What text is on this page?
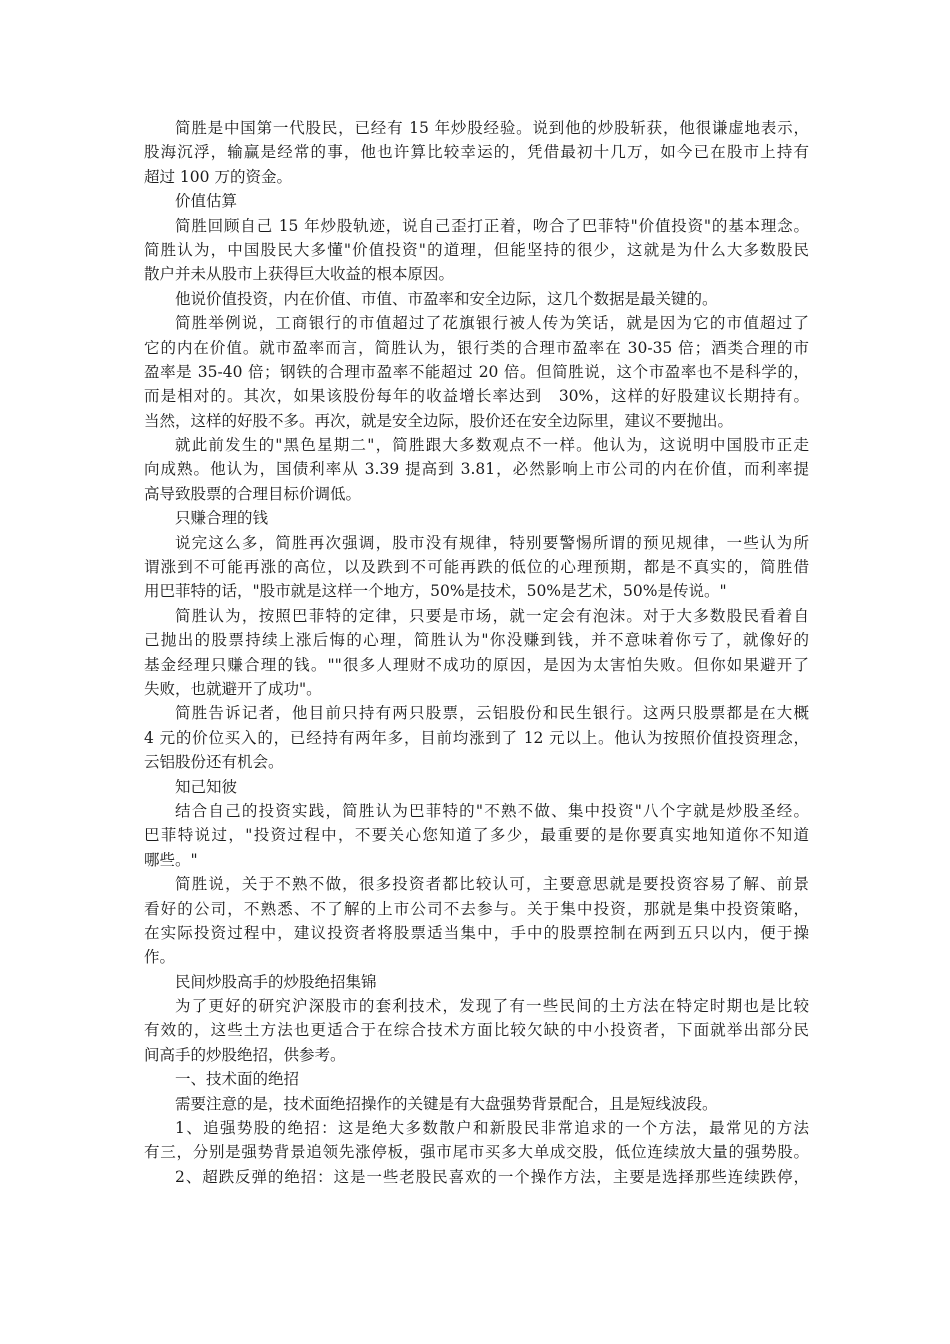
简胜是中国第一代股民，已经有 15 年炒股经验。说到他的炒股斩获，他很谦虚地表示，
股海沉浮，输赢是经常的事，他也许算比较幸运的，凭借最初十几万，如今已在股市上持有
超过 100 万的资金。
价值估算
简胜回顾自己 15 年炒股轨迹，说自己歪打正着，吻合了巴菲特"价值投资"的基本理念。
简胜认为，中国股民大多懂"价值投资"的道理，但能坚持的很少，这就是为什么大多数股民
散户并未从股市上获得巨大收益的根本原因。
他说价值投资，内在价值、市值、市盈率和安全边际，这几个数据是最关键的。
简胜举例说，工商银行的市值超过了花旗银行被人传为笑话，就是因为它的市值超过了
它的内在价值。就市盈率而言，简胜认为，银行类的合理市盈率在 30-35 倍；酒类合理的市
盈率是 35-40 倍；钢铁的合理市盈率不能超过 20 倍。但简胜说，这个市盈率也不是科学的，
而是相对的。其次，如果该股份每年的收益增长率达到　30%，这样的好股建议长期持有。
当然，这样的好股不多。再次，就是安全边际，股价还在安全边际里，建议不要抛出。
就此前发生的"黑色星期二"，简胜跟大多数观点不一样。他认为，这说明中国股市正走
向成熟。他认为，国债利率从 3.39 提高到 3.81，必然影响上市公司的内在价值，而利率提
高导致股票的合理目标价调低。
只赚合理的钱
说完这么多，简胜再次强调，股市没有规律，特别要警惕所谓的预见规律，一些认为所
谓涨到不可能再涨的高位，以及跌到不可能再跌的低位的心理预期，都是不真实的，简胜借
用巴菲特的话，"股市就是这样一个地方，50%是技术，50%是艺术，50%是传说。"
简胜认为，按照巴菲特的定律，只要是市场，就一定会有泡沫。对于大多数股民看着自
己抛出的股票持续上涨后悔的心理，简胜认为"你没赚到钱，并不意味着你亏了，就像好的
基金经理只赚合理的钱。""很多人理财不成功的原因，是因为太害怕失败。但你如果避开了
失败，也就避开了成功"。
简胜告诉记者，他目前只持有两只股票，云铝股份和民生银行。这两只股票都是在大概
4 元的价位买入的，已经持有两年多，目前均涨到了 12 元以上。他认为按照价值投资理念，
云铝股份还有机会。
知己知彼
结合自己的投资实践，简胜认为巴菲特的"不熟不做、集中投资"八个字就是炒股圣经。
巴菲特说过，"投资过程中，不要关心您知道了多少，最重要的是你要真实地知道你不知道
哪些。"
简胜说，关于不熟不做，很多投资者都比较认可，主要意思就是要投资容易了解、前景
看好的公司，不熟悉、不了解的上市公司不去参与。关于集中投资，那就是集中投资策略，
在实际投资过程中，建议投资者将股票适当集中，手中的股票控制在两到五只以内，便于操
作。
民间炒股高手的炒股绝招集锦
为了更好的研究沪深股市的套利技术，发现了有一些民间的土方法在特定时期也是比较
有效的，这些土方法也更适合于在综合技术方面比较欠缺的中小投资者，下面就举出部分民
间高手的炒股绝招，供参考。
一、技术面的绝招
需要注意的是，技术面绝招操作的关键是有大盘强势背景配合，且是短线波段。
1、追强势股的绝招：这是绝大多数散户和新股民非常追求的一个方法，最常见的方法
有三，分别是强势背景追领先涨停板，强市尾市买多大单成交股，低位连续放大量的强势股。
2、超跌反弹的绝招：这是一些老股民喜欢的一个操作方法，主要是选择那些连续跌停，
